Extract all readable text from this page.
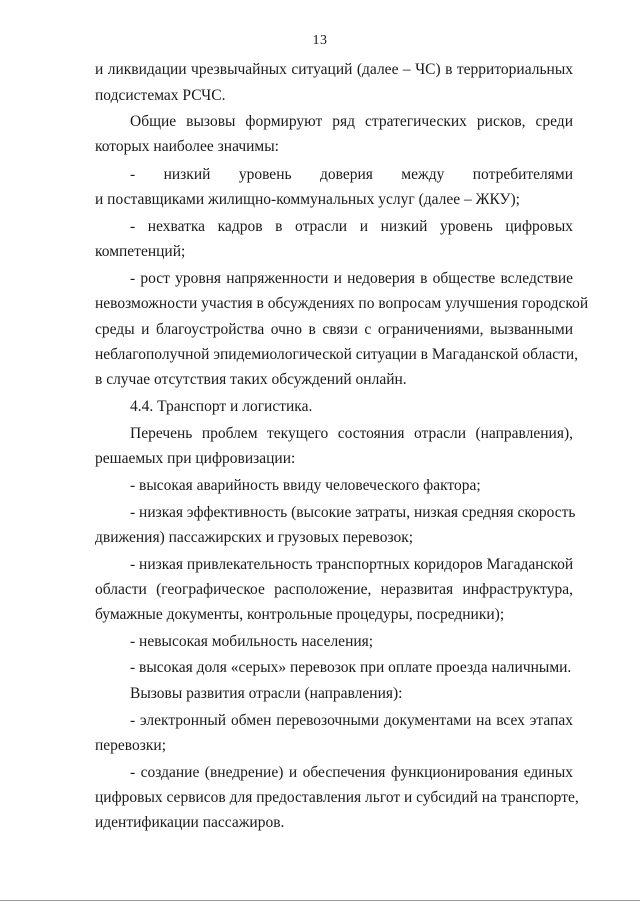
13
и ликвидации чрезвычайных ситуаций (далее – ЧС) в территориальных
подсистемах РСЧС.
Общие вызовы формируют ряд стратегических рисков, среди
которых наиболее значимы:
- низкий уровень доверия между потребителями
и поставщиками жилищно-коммунальных услуг (далее – ЖКУ);
- нехватка кадров в отрасли и низкий уровень цифровых
компетенций;
- рост уровня напряженности и недоверия в обществе вследствие
невозможности участия в обсуждениях по вопросам улучшения городской
среды и благоустройства очно в связи с ограничениями, вызванными
неблагополучной эпидемиологической ситуации в Магаданской области,
в случае отсутствия таких обсуждений онлайн.
4.4. Транспорт и логистика.
Перечень проблем текущего состояния отрасли (направления),
решаемых при цифровизации:
- высокая аварийность ввиду человеческого фактора;
- низкая эффективность (высокие затраты, низкая средняя скорость
движения) пассажирских и грузовых перевозок;
- низкая привлекательность транспортных коридоров Магаданской
области (географическое расположение, неразвитая инфраструктура,
бумажные документы, контрольные процедуры, посредники);
- невысокая мобильность населения;
- высокая доля «серых» перевозок при оплате проезда наличными.
Вызовы развития отрасли (направления):
- электронный обмен перевозочными документами на всех этапах
перевозки;
- создание (внедрение) и обеспечения функционирования единых
цифровых сервисов для предоставления льгот и субсидий на транспорте,
идентификации пассажиров.
